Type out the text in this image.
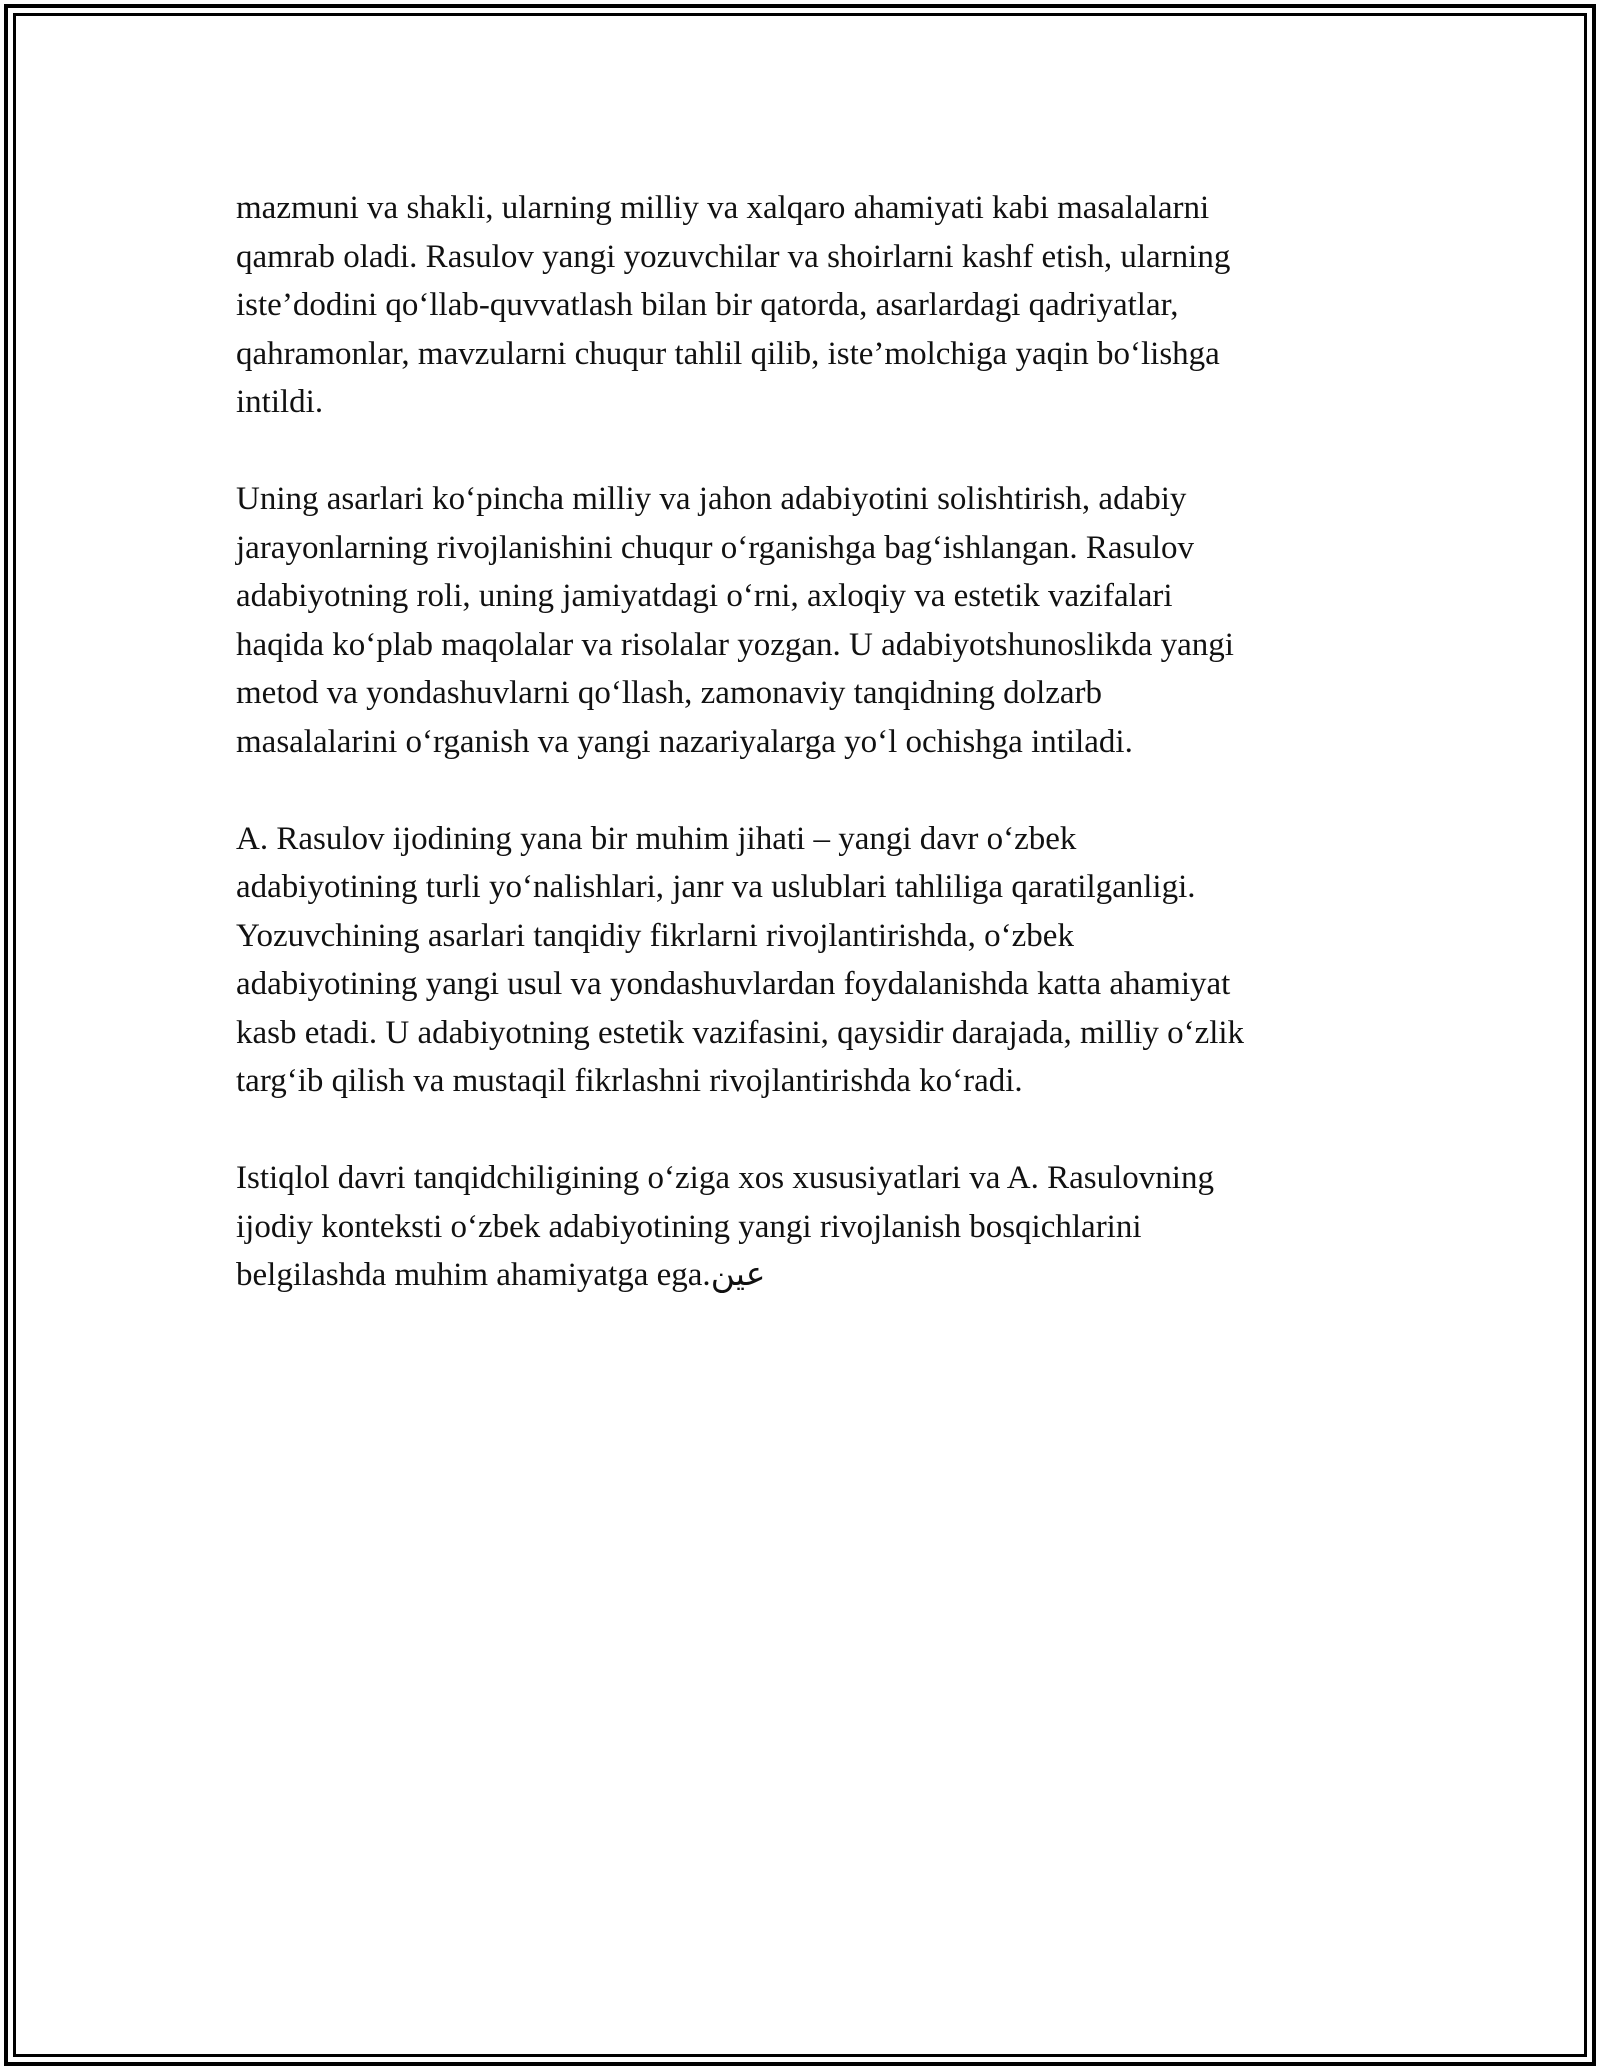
mazmuni va shakli, ularning milliy va xalqaro ahamiyati kabi masalalarni
qamrab oladi. Rasulov yangi yozuvchilar va shoirlarni kashf etish, ularning
iste’dodini qo‘llab-quvvatlash bilan bir qatorda, asarlardagi qadriyatlar,
qahramonlar, mavzularni chuqur tahlil qilib, iste’molchiga yaqin bo‘lishga
intildi.

Uning asarlari ko‘pincha milliy va jahon adabiyotini solishtirish, adabiy
jarayonlarning rivojlanishini chuqur o‘rganishga bag‘ishlangan. Rasulov
adabiyotning roli, uning jamiyatdagi o‘rni, axloqiy va estetik vazifalari
haqida ko‘plab maqolalar va risolalar yozgan. U adabiyotshunoslikda yangi
metod va yondashuvlarni qo‘llash, zamonaviy tanqidning dolzarb
masalalarini o‘rganish va yangi nazariyalarga yo‘l ochishga intiladi.

A. Rasulov ijodining yana bir muhim jihati – yangi davr o‘zbek
adabiyotining turli yo‘nalishlari, janr va uslublari tahliliga qaratilganligi.
Yozuvchining asarlari tanqidiy fikrlarni rivojlantirishda, o‘zbek
adabiyotining yangi usul va yondashuvlardan foydalanishda katta ahamiyat
kasb etadi. U adabiyotning estetik vazifasini, qaysidir darajada, milliy o‘zlik
targ‘ib qilish va mustaqil fikrlashni rivojlantirishda ko‘radi.

Istiqlol davri tanqidchiligining o‘ziga xos xususiyatlari va A. Rasulovning
ijodiy konteksti o‘zbek adabiyotining yangi rivojlanish bosqichlarini
belgilashda muhim ahamiyatga ega.عين
